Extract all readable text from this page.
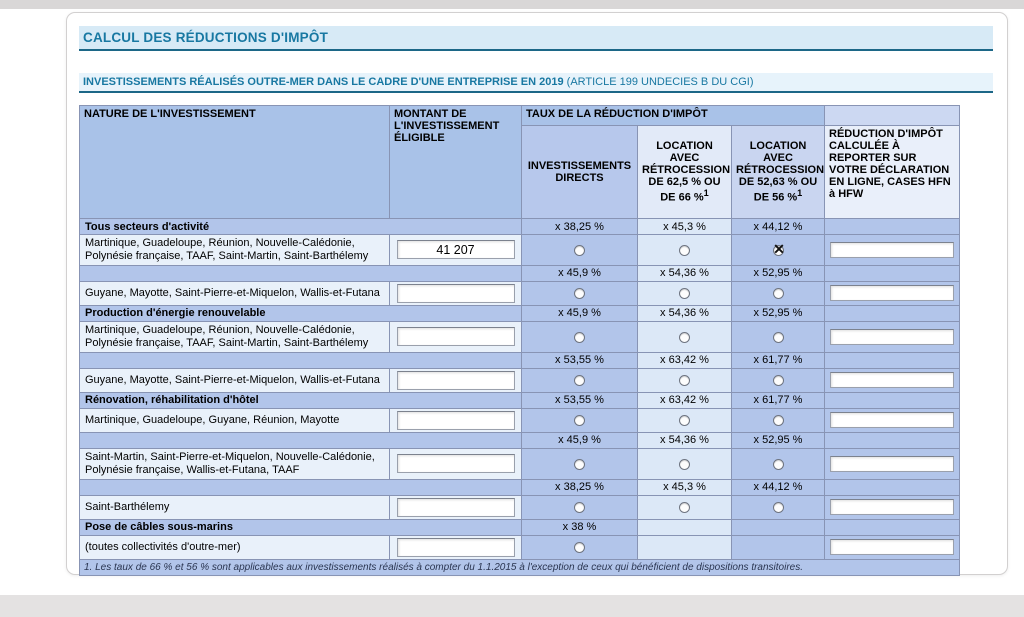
CALCUL DES RÉDUCTIONS D'IMPÔT
INVESTISSEMENTS RÉALISÉS OUTRE-MER DANS LE CADRE D'UNE ENTREPRISE EN 2019 (ARTICLE 199 UNDECIES B DU CGI)
NATURE DE L'INVESTISSEMENT	MONTANT DE L'INVESTISSEMENT ÉLIGIBLE	TAUX DE LA RÉDUCTION D'IMPÔT			
		INVESTISSEMENTS DIRECTS	LOCATION AVEC RÉTROCESSION DE 62,5 % OU DE 66 %$^1$	LOCATION AVEC RÉTROCESSION DE 52,63 % OU DE 56 %$^1$	RÉDUCTION D'IMPÔT CALCULÉE À REPORTER SUR VOTRE DÉCLARATION EN LIGNE, CASES HFN à HFW
Tous secteurs d'activité		x 38,25 %	x 45,3 %	x 44,12 %	
Martinique, Guadeloupe, Réunion, Nouvelle-Calédonie, Polynésie française, TAAF, Saint-Martin, Saint-Barthélemy	41 207			✕	
		x 45,9 %	x 54,36 %	x 52,95 %	
Guyane, Mayotte, Saint-Pierre-et-Miquelon, Wallis-et-Futana					
Production d'énergie renouvelable		x 45,9 %	x 54,36 %	x 52,95 %	
Martinique, Guadeloupe, Réunion, Nouvelle-Calédonie, Polynésie française, TAAF, Saint-Martin, Saint-Barthélemy					
		x 53,55 %	x 63,42 %	x 61,77 %	
Guyane, Mayotte, Saint-Pierre-et-Miquelon, Wallis-et-Futana					
Rénovation, réhabilitation d'hôtel		x 53,55 %	x 63,42 %	x 61,77 %	
Martinique, Guadeloupe, Guyane, Réunion, Mayotte					
		x 45,9 %	x 54,36 %	x 52,95 %	
Saint-Martin, Saint-Pierre-et-Miquelon, Nouvelle-Calédonie, Polynésie française, Wallis-et-Futana, TAAF					
		x 38,25 %	x 45,3 %	x 44,12 %	
Saint-Barthélemy					
Pose de câbles sous-marins		x 38 %			
(toutes collectivités d'outre-mer)					
1. Les taux de 66 % et 56 % sont applicables aux investissements réalisés à compter du 1.1.2015 à l'exception de ceux qui bénéficient de dispositions transitoires.					
